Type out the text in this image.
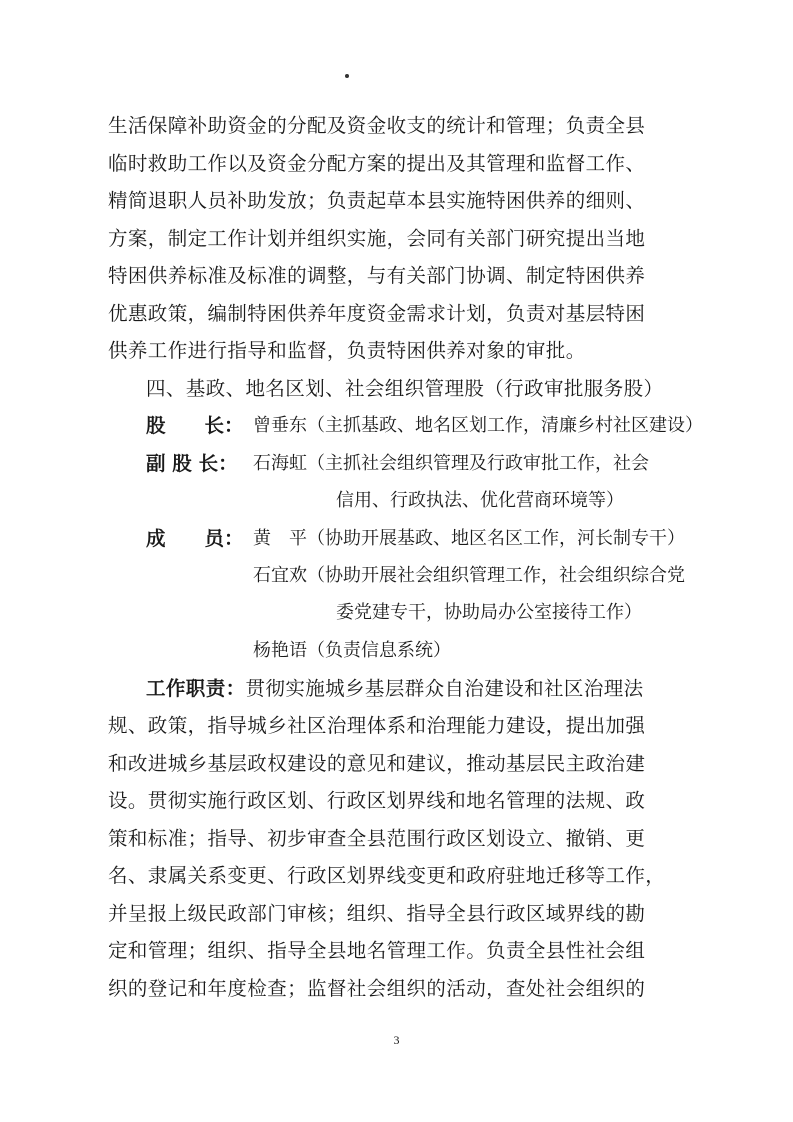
生活保障补助资金的分配及资金收支的统计和管理；负责全县
临时救助工作以及资金分配方案的提出及其管理和监督工作、
精简退职人员补助发放；负责起草本县实施特困供养的细则、
方案，制定工作计划并组织实施，会同有关部门研究提出当地
特困供养标准及标准的调整，与有关部门协调、制定特困供养
优惠政策，编制特困供养年度资金需求计划，负责对基层特困
供养工作进行指导和监督，负责特困供养对象的审批。
四、基政、地名区划、社会组织管理股（行政审批服务股）
股　　长： 曾垂东（主抓基政、地名区划工作，清廉乡村社区建设）
副 股 长： 石海虹（主抓社会组织管理及行政审批工作，社会
信用、行政执法、优化营商环境等）
成　　员： 黄　平（协助开展基政、地区名区工作，河长制专干）
石宜欢（协助开展社会组织管理工作，社会组织综合党
委党建专干，协助局办公室接待工作）
杨艳语（负责信息系统）
工作职责：贯彻实施城乡基层群众自治建设和社区治理法
规、政策，指导城乡社区治理体系和治理能力建设，提出加强
和改进城乡基层政权建设的意见和建议，推动基层民主政治建
设。贯彻实施行政区划、行政区划界线和地名管理的法规、政
策和标准；指导、初步审查全县范围行政区划设立、撤销、更
名、隶属关系变更、行政区划界线变更和政府驻地迁移等工作，
并呈报上级民政部门审核；组织、指导全县行政区域界线的勘
定和管理；组织、指导全县地名管理工作。负责全县性社会组
织的登记和年度检查；监督社会组织的活动，查处社会组织的
3
